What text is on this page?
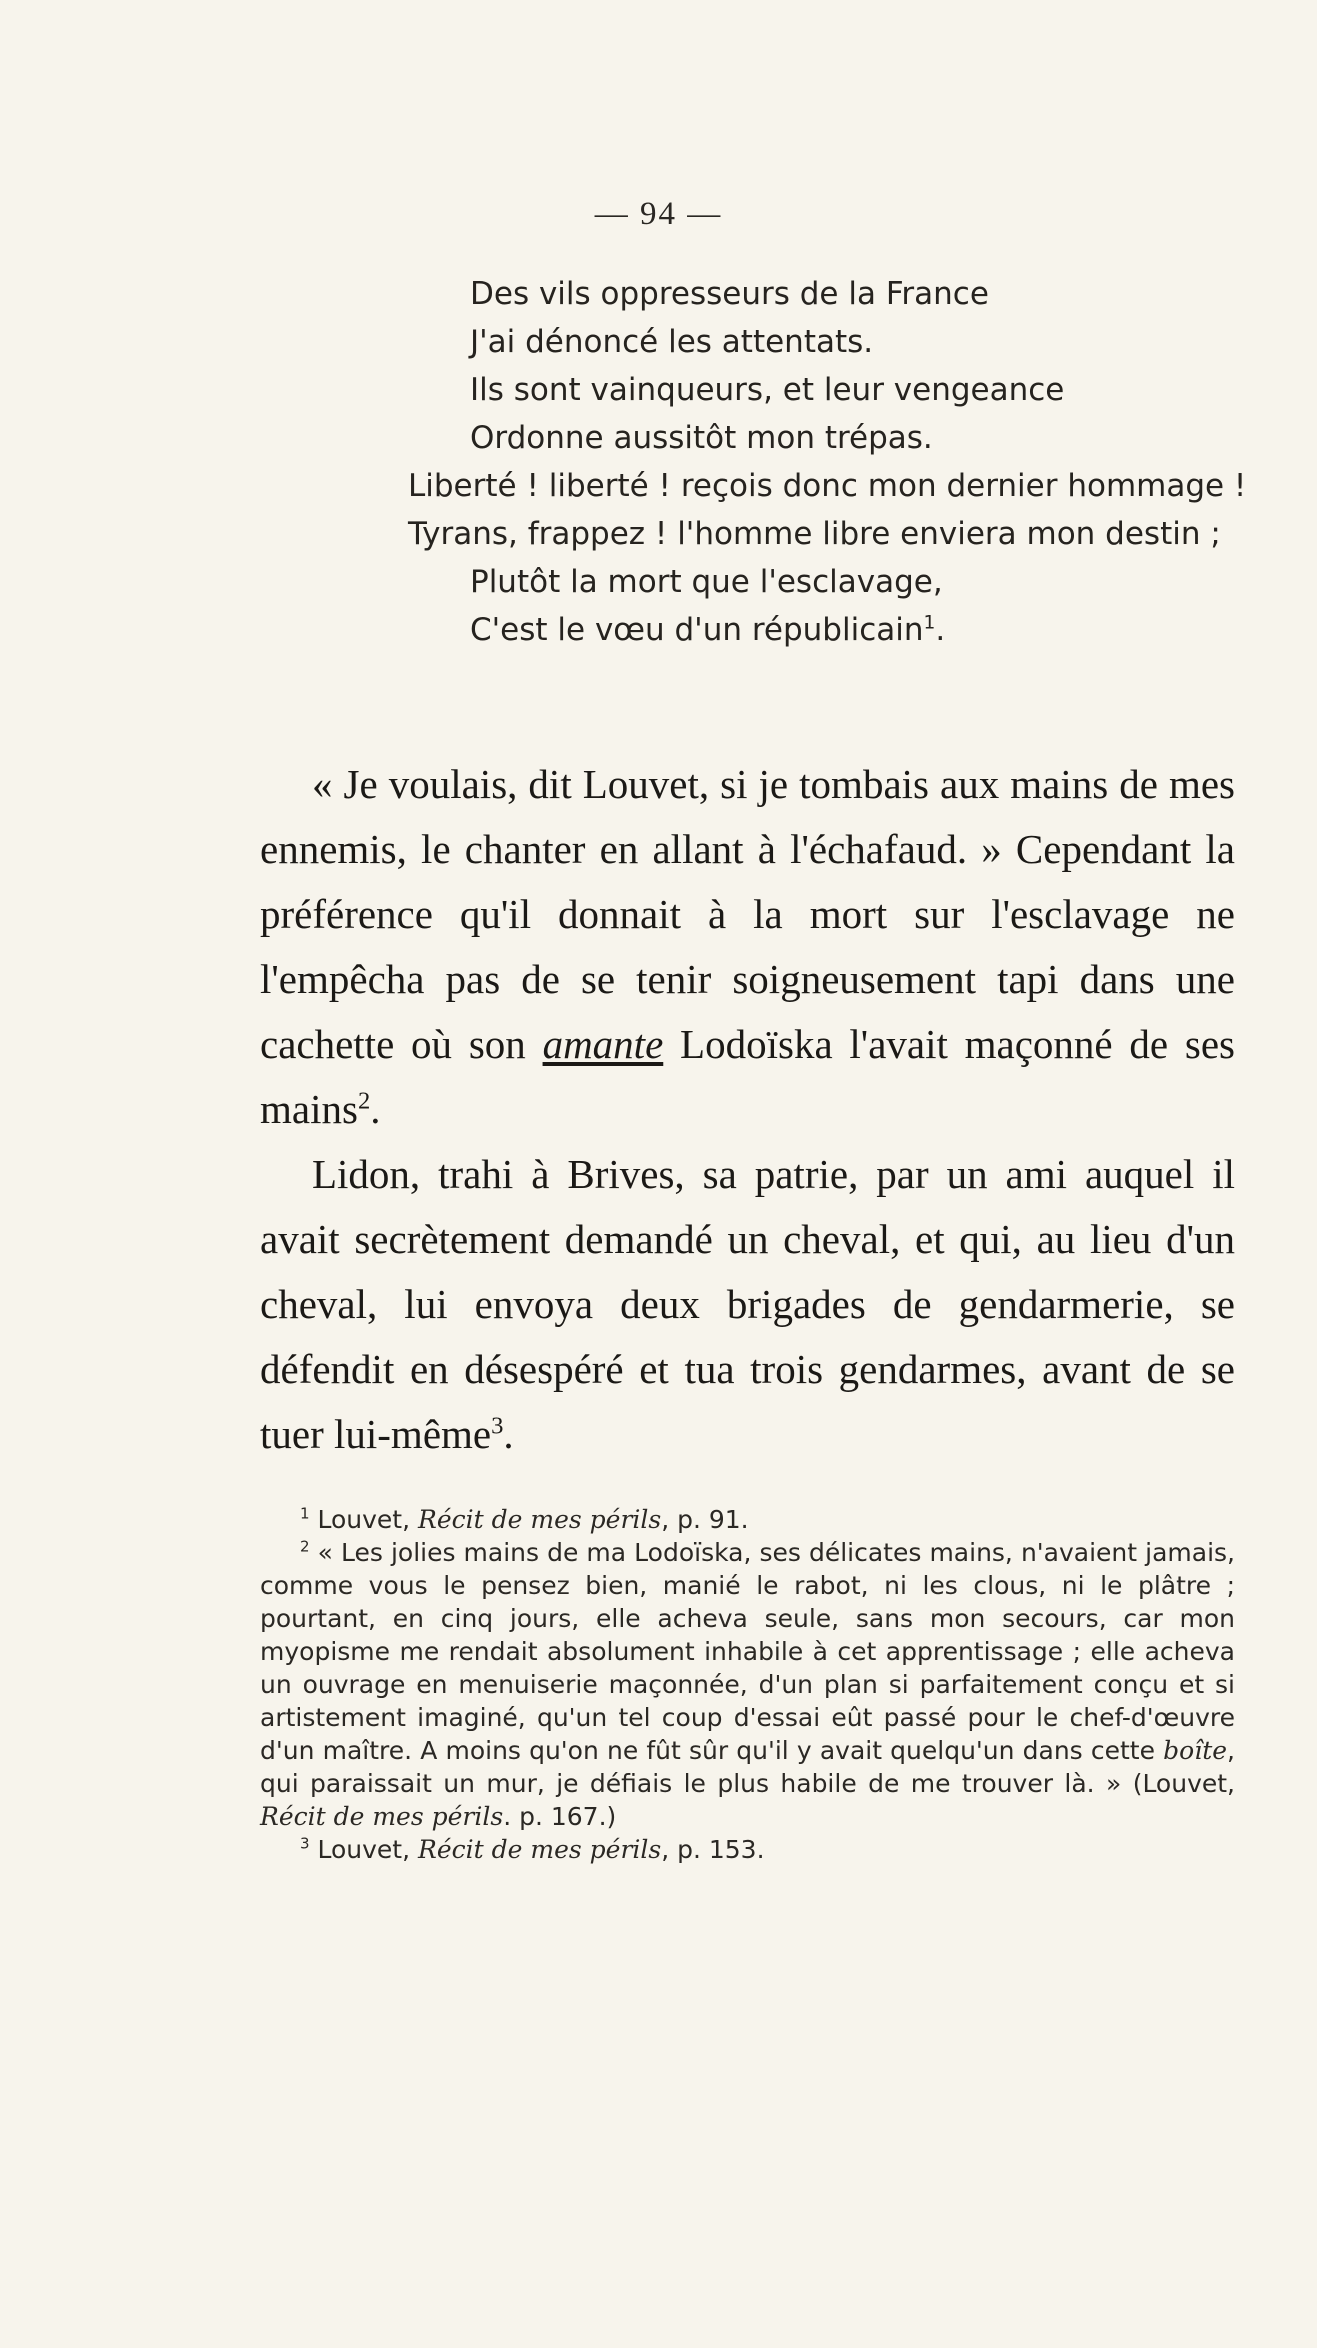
— 94 —
Des vils oppresseurs de la France
J'ai dénoncé les attentats.
Ils sont vainqueurs, et leur vengeance
Ordonne aussitôt mon trépas.
Liberté ! liberté ! reçois donc mon dernier hommage !
Tyrans, frappez ! l'homme libre enviera mon destin ;
Plutôt la mort que l'esclavage,
C'est le vœu d'un républicain$^1$.

« Je voulais, dit Louvet, si je tombais aux mains de mes ennemis, le chanter en allant à l'échafaud. » Cependant la préférence qu'il donnait à la mort sur l'esclavage ne l'empêcha pas de se tenir soigneusement tapi dans une cachette où son amante Lodoïska l'avait maçonné de ses mains$^2$.

Lidon, trahi à Brives, sa patrie, par un ami auquel il avait secrètement demandé un cheval, et qui, au lieu d'un cheval, lui envoya deux brigades de gendarmerie, se défendit en désespéré et tua trois gendarmes, avant de se tuer lui-même$^3$.

$^1$ Louvet, Récit de mes périls, p. 91.

$^2$ « Les jolies mains de ma Lodoïska, ses délicates mains, n'avaient jamais, comme vous le pensez bien, manié le rabot, ni les clous, ni le plâtre ; pourtant, en cinq jours, elle acheva seule, sans mon secours, car mon myopisme me rendait absolument inhabile à cet apprentissage ; elle acheva un ouvrage en menuiserie maçonnée, d'un plan si parfaitement conçu et si artistement imaginé, qu'un tel coup d'essai eût passé pour le chef-d'œuvre d'un maître. A moins qu'on ne fût sûr qu'il y avait quelqu'un dans cette boîte, qui paraissait un mur, je défiais le plus habile de me trouver là. » (Louvet, Récit de mes périls. p. 167.)

$^3$ Louvet, Récit de mes périls, p. 153.
